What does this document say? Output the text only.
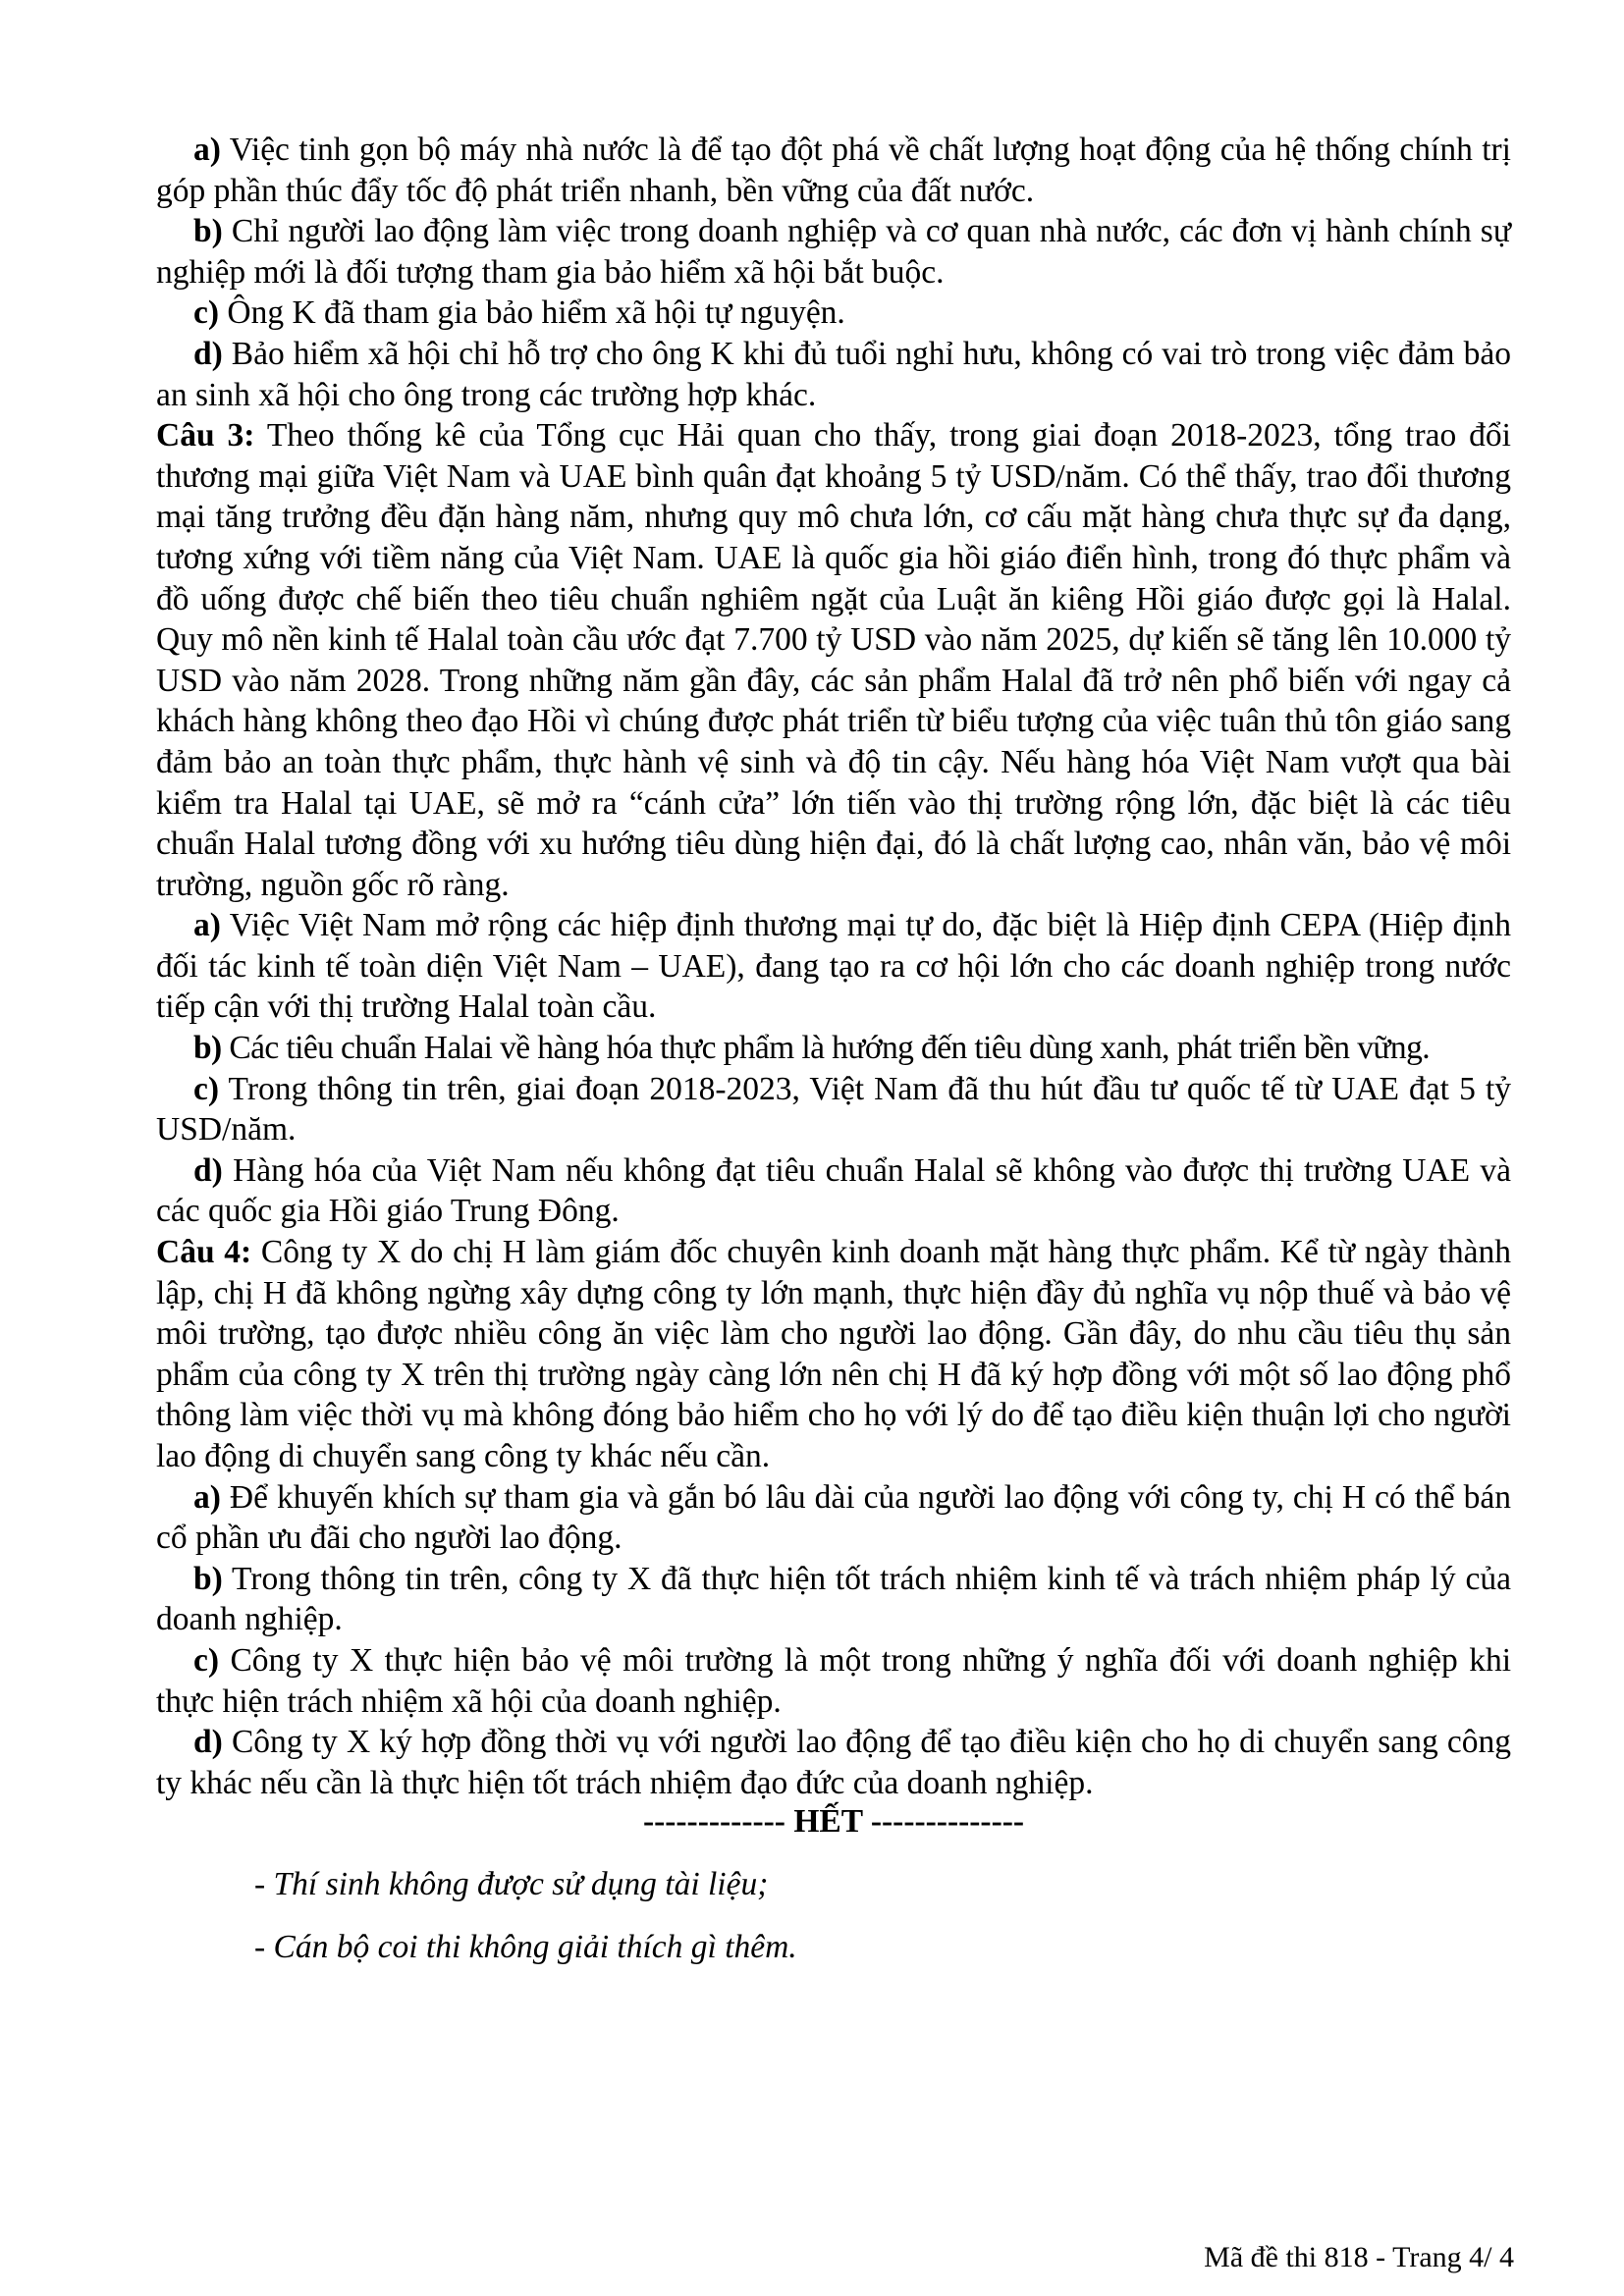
a) Việc tinh gọn bộ máy nhà nước là để tạo đột phá về chất lượng hoạt động của hệ thống chính trị góp phần thúc đẩy tốc độ phát triển nhanh, bền vững của đất nước.

b) Chỉ người lao động làm việc trong doanh nghiệp và cơ quan nhà nước, các đơn vị hành chính sự nghiệp mới là đối tượng tham gia bảo hiểm xã hội bắt buộc.

c) Ông K đã tham gia bảo hiểm xã hội tự nguyện.

d) Bảo hiểm xã hội chỉ hỗ trợ cho ông K khi đủ tuổi nghỉ hưu, không có vai trò trong việc đảm bảo an sinh xã hội cho ông trong các trường hợp khác.

Câu 3: Theo thống kê của Tổng cục Hải quan cho thấy, trong giai đoạn 2018-2023, tổng trao đổi thương mại giữa Việt Nam và UAE bình quân đạt khoảng 5 tỷ USD/năm. Có thể thấy, trao đổi thương mại tăng trưởng đều đặn hàng năm, nhưng quy mô chưa lớn, cơ cấu mặt hàng chưa thực sự đa dạng, tương xứng với tiềm năng của Việt Nam. UAE là quốc gia hồi giáo điển hình, trong đó thực phẩm và đồ uống được chế biến theo tiêu chuẩn nghiêm ngặt của Luật ăn kiêng Hồi giáo được gọi là Halal. Quy mô nền kinh tế Halal toàn cầu ước đạt 7.700 tỷ USD vào năm 2025, dự kiến sẽ tăng lên 10.000 tỷ USD vào năm 2028. Trong những năm gần đây, các sản phẩm Halal đã trở nên phổ biến với ngay cả khách hàng không theo đạo Hồi vì chúng được phát triển từ biểu tượng của việc tuân thủ tôn giáo sang đảm bảo an toàn thực phẩm, thực hành vệ sinh và độ tin cậy. Nếu hàng hóa Việt Nam vượt qua bài kiểm tra Halal tại UAE, sẽ mở ra “cánh cửa” lớn tiến vào thị trường rộng lớn, đặc biệt là các tiêu chuẩn Halal tương đồng với xu hướng tiêu dùng hiện đại, đó là chất lượng cao, nhân văn, bảo vệ môi trường, nguồn gốc rõ ràng.

a) Việc Việt Nam mở rộng các hiệp định thương mại tự do, đặc biệt là Hiệp định CEPA (Hiệp định đối tác kinh tế toàn diện Việt Nam – UAE), đang tạo ra cơ hội lớn cho các doanh nghiệp trong nước tiếp cận với thị trường Halal toàn cầu.

b) Các tiêu chuẩn Halai về hàng hóa thực phẩm là hướng đến tiêu dùng xanh, phát triển bền vững.

c) Trong thông tin trên, giai đoạn 2018-2023, Việt Nam đã thu hút đầu tư quốc tế từ UAE đạt 5 tỷ USD/năm.

d) Hàng hóa của Việt Nam nếu không đạt tiêu chuẩn Halal sẽ không vào được thị trường UAE và các quốc gia Hồi giáo Trung Đông.

Câu 4: Công ty X do chị H làm giám đốc chuyên kinh doanh mặt hàng thực phẩm. Kể từ ngày thành lập, chị H đã không ngừng xây dựng công ty lớn mạnh, thực hiện đầy đủ nghĩa vụ nộp thuế và bảo vệ môi trường, tạo được nhiều công ăn việc làm cho người lao động. Gần đây, do nhu cầu tiêu thụ sản phẩm của công ty X trên thị trường ngày càng lớn nên chị H đã ký hợp đồng với một số lao động phổ thông làm việc thời vụ mà không đóng bảo hiểm cho họ với lý do để tạo điều kiện thuận lợi cho người lao động di chuyển sang công ty khác nếu cần.

a) Để khuyến khích sự tham gia và gắn bó lâu dài của người lao động với công ty, chị H có thể bán cổ phần ưu đãi cho người lao động.

b) Trong thông tin trên, công ty X đã thực hiện tốt trách nhiệm kinh tế và trách nhiệm pháp lý của doanh nghiệp.

c) Công ty X thực hiện bảo vệ môi trường là một trong những ý nghĩa đối với doanh nghiệp khi thực hiện trách nhiệm xã hội của doanh nghiệp.

d) Công ty X ký hợp đồng thời vụ với người lao động để tạo điều kiện cho họ di chuyển sang công ty khác nếu cần là thực hiện tốt trách nhiệm đạo đức của doanh nghiệp.

------------- HẾT --------------

- Thí sinh không được sử dụng tài liệu;

- Cán bộ coi thi không giải thích gì thêm.

Mã đề thi 818 - Trang 4/ 4
